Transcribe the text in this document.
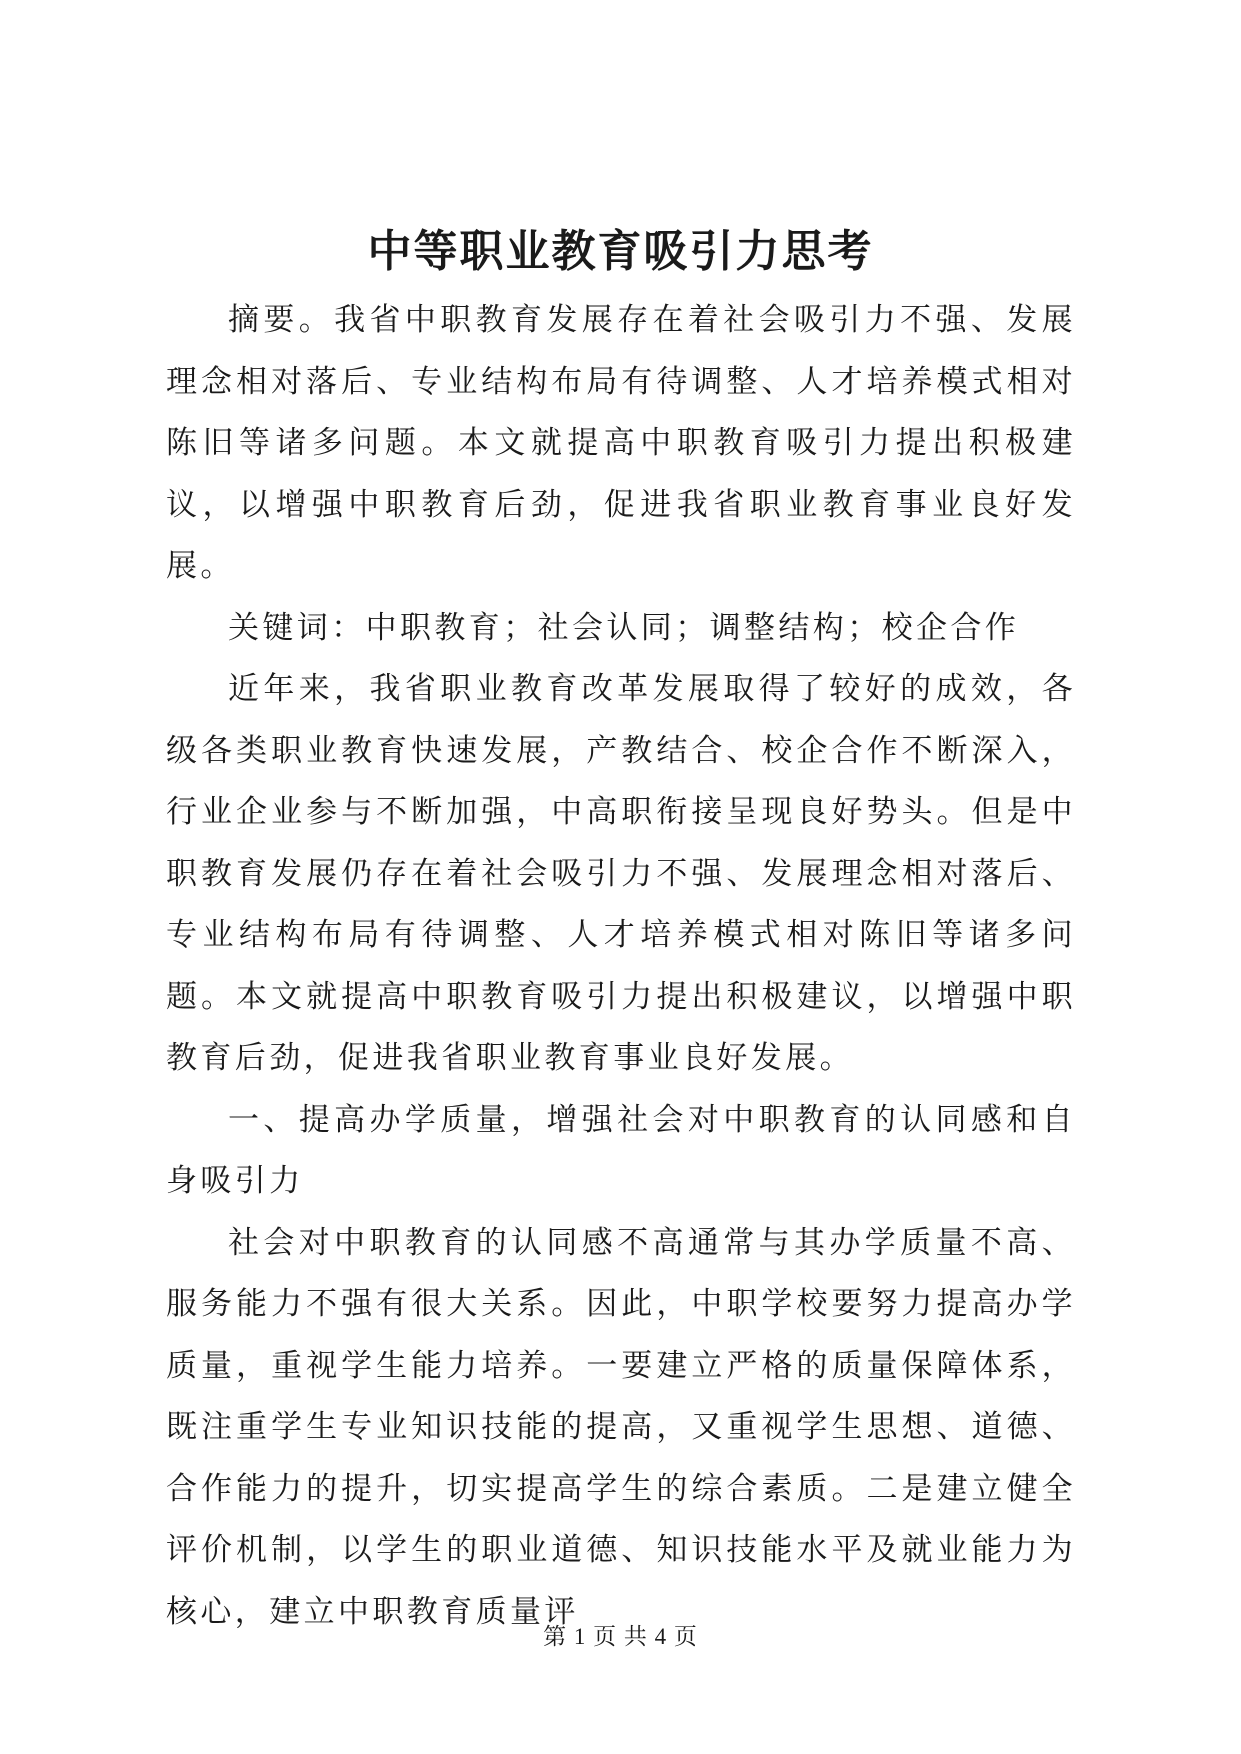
中等职业教育吸引力思考

摘要。我省中职教育发展存在着社会吸引力不强、发展理念相对落后、专业结构布局有待调整、人才培养模式相对陈旧等诸多问题。本文就提高中职教育吸引力提出积极建议，以增强中职教育后劲，促进我省职业教育事业良好发展。

关键词：中职教育；社会认同；调整结构；校企合作

近年来，我省职业教育改革发展取得了较好的成效，各级各类职业教育快速发展，产教结合、校企合作不断深入，行业企业参与不断加强，中高职衔接呈现良好势头。但是中职教育发展仍存在着社会吸引力不强、发展理念相对落后、专业结构布局有待调整、人才培养模式相对陈旧等诸多问题。本文就提高中职教育吸引力提出积极建议，以增强中职教育后劲，促进我省职业教育事业良好发展。

一、提高办学质量，增强社会对中职教育的认同感和自身吸引力

社会对中职教育的认同感不高通常与其办学质量不高、服务能力不强有很大关系。因此，中职学校要努力提高办学质量，重视学生能力培养。一要建立严格的质量保障体系，既注重学生专业知识技能的提高，又重视学生思想、道德、合作能力的提升，切实提高学生的综合素质。二是建立健全评价机制，以学生的职业道德、知识技能水平及就业能力为核心，建立中职教育质量评

第 1 页 共 4 页
